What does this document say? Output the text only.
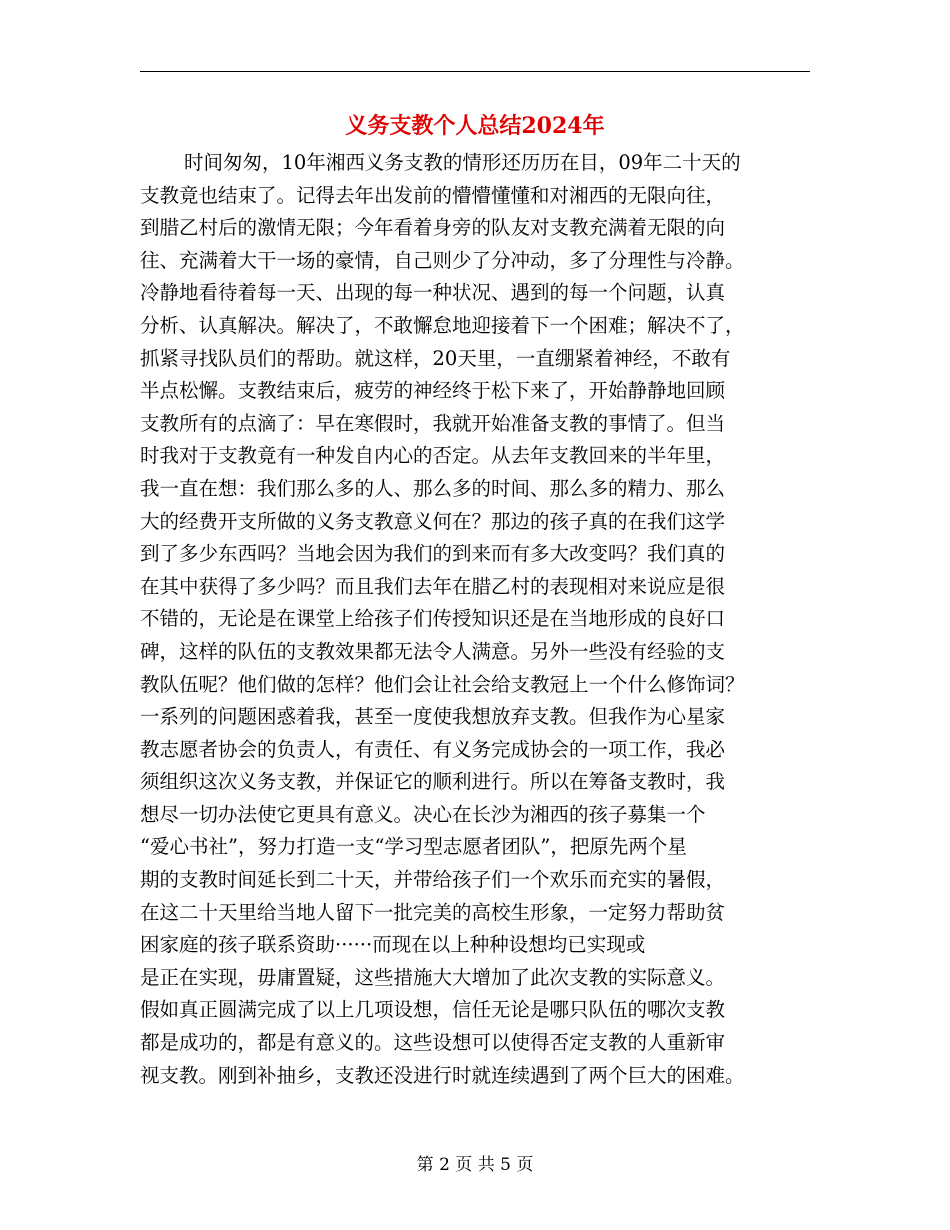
义务支教个人总结2024年
时间匆匆，10年湘西义务支教的情形还历历在目，09年二十天的
支教竟也结束了。记得去年出发前的懵懵懂懂和对湘西的无限向往，
到腊乙村后的激情无限；今年看着身旁的队友对支教充满着无限的向
往、充满着大干一场的豪情，自己则少了分冲动，多了分理性与冷静。
冷静地看待着每一天、出现的每一种状况、遇到的每一个问题，认真
分析、认真解决。解决了，不敢懈怠地迎接着下一个困难；解决不了，
抓紧寻找队员们的帮助。就这样，20天里，一直绷紧着神经，不敢有
半点松懈。支教结束后，疲劳的神经终于松下来了，开始静静地回顾
支教所有的点滴了：早在寒假时，我就开始准备支教的事情了。但当
时我对于支教竟有一种发自内心的否定。从去年支教回来的半年里，
我一直在想：我们那么多的人、那么多的时间、那么多的精力、那么
大的经费开支所做的义务支教意义何在？那边的孩子真的在我们这学
到了多少东西吗？当地会因为我们的到来而有多大改变吗？我们真的
在其中获得了多少吗？而且我们去年在腊乙村的表现相对来说应是很
不错的，无论是在课堂上给孩子们传授知识还是在当地形成的良好口
碑，这样的队伍的支教效果都无法令人满意。另外一些没有经验的支
教队伍呢？他们做的怎样？他们会让社会给支教冠上一个什么修饰词？
一系列的问题困惑着我，甚至一度使我想放弃支教。但我作为心星家
教志愿者协会的负责人，有责任、有义务完成协会的一项工作，我必
须组织这次义务支教，并保证它的顺利进行。所以在筹备支教时，我
想尽一切办法使它更具有意义。决心在长沙为湘西的孩子募集一个
“爱心书社”，努力打造一支“学习型志愿者团队”，把原先两个星
期的支教时间延长到二十天，并带给孩子们一个欢乐而充实的暑假，
在这二十天里给当地人留下一批完美的高校生形象，一定努力帮助贫
困家庭的孩子联系资助······而现在以上种种设想均已实现或
是正在实现，毋庸置疑，这些措施大大增加了此次支教的实际意义。
假如真正圆满完成了以上几项设想，信任无论是哪只队伍的哪次支教
都是成功的，都是有意义的。这些设想可以使得否定支教的人重新审
视支教。刚到补抽乡，支教还没进行时就连续遇到了两个巨大的困难。
第 2 页 共 5 页
